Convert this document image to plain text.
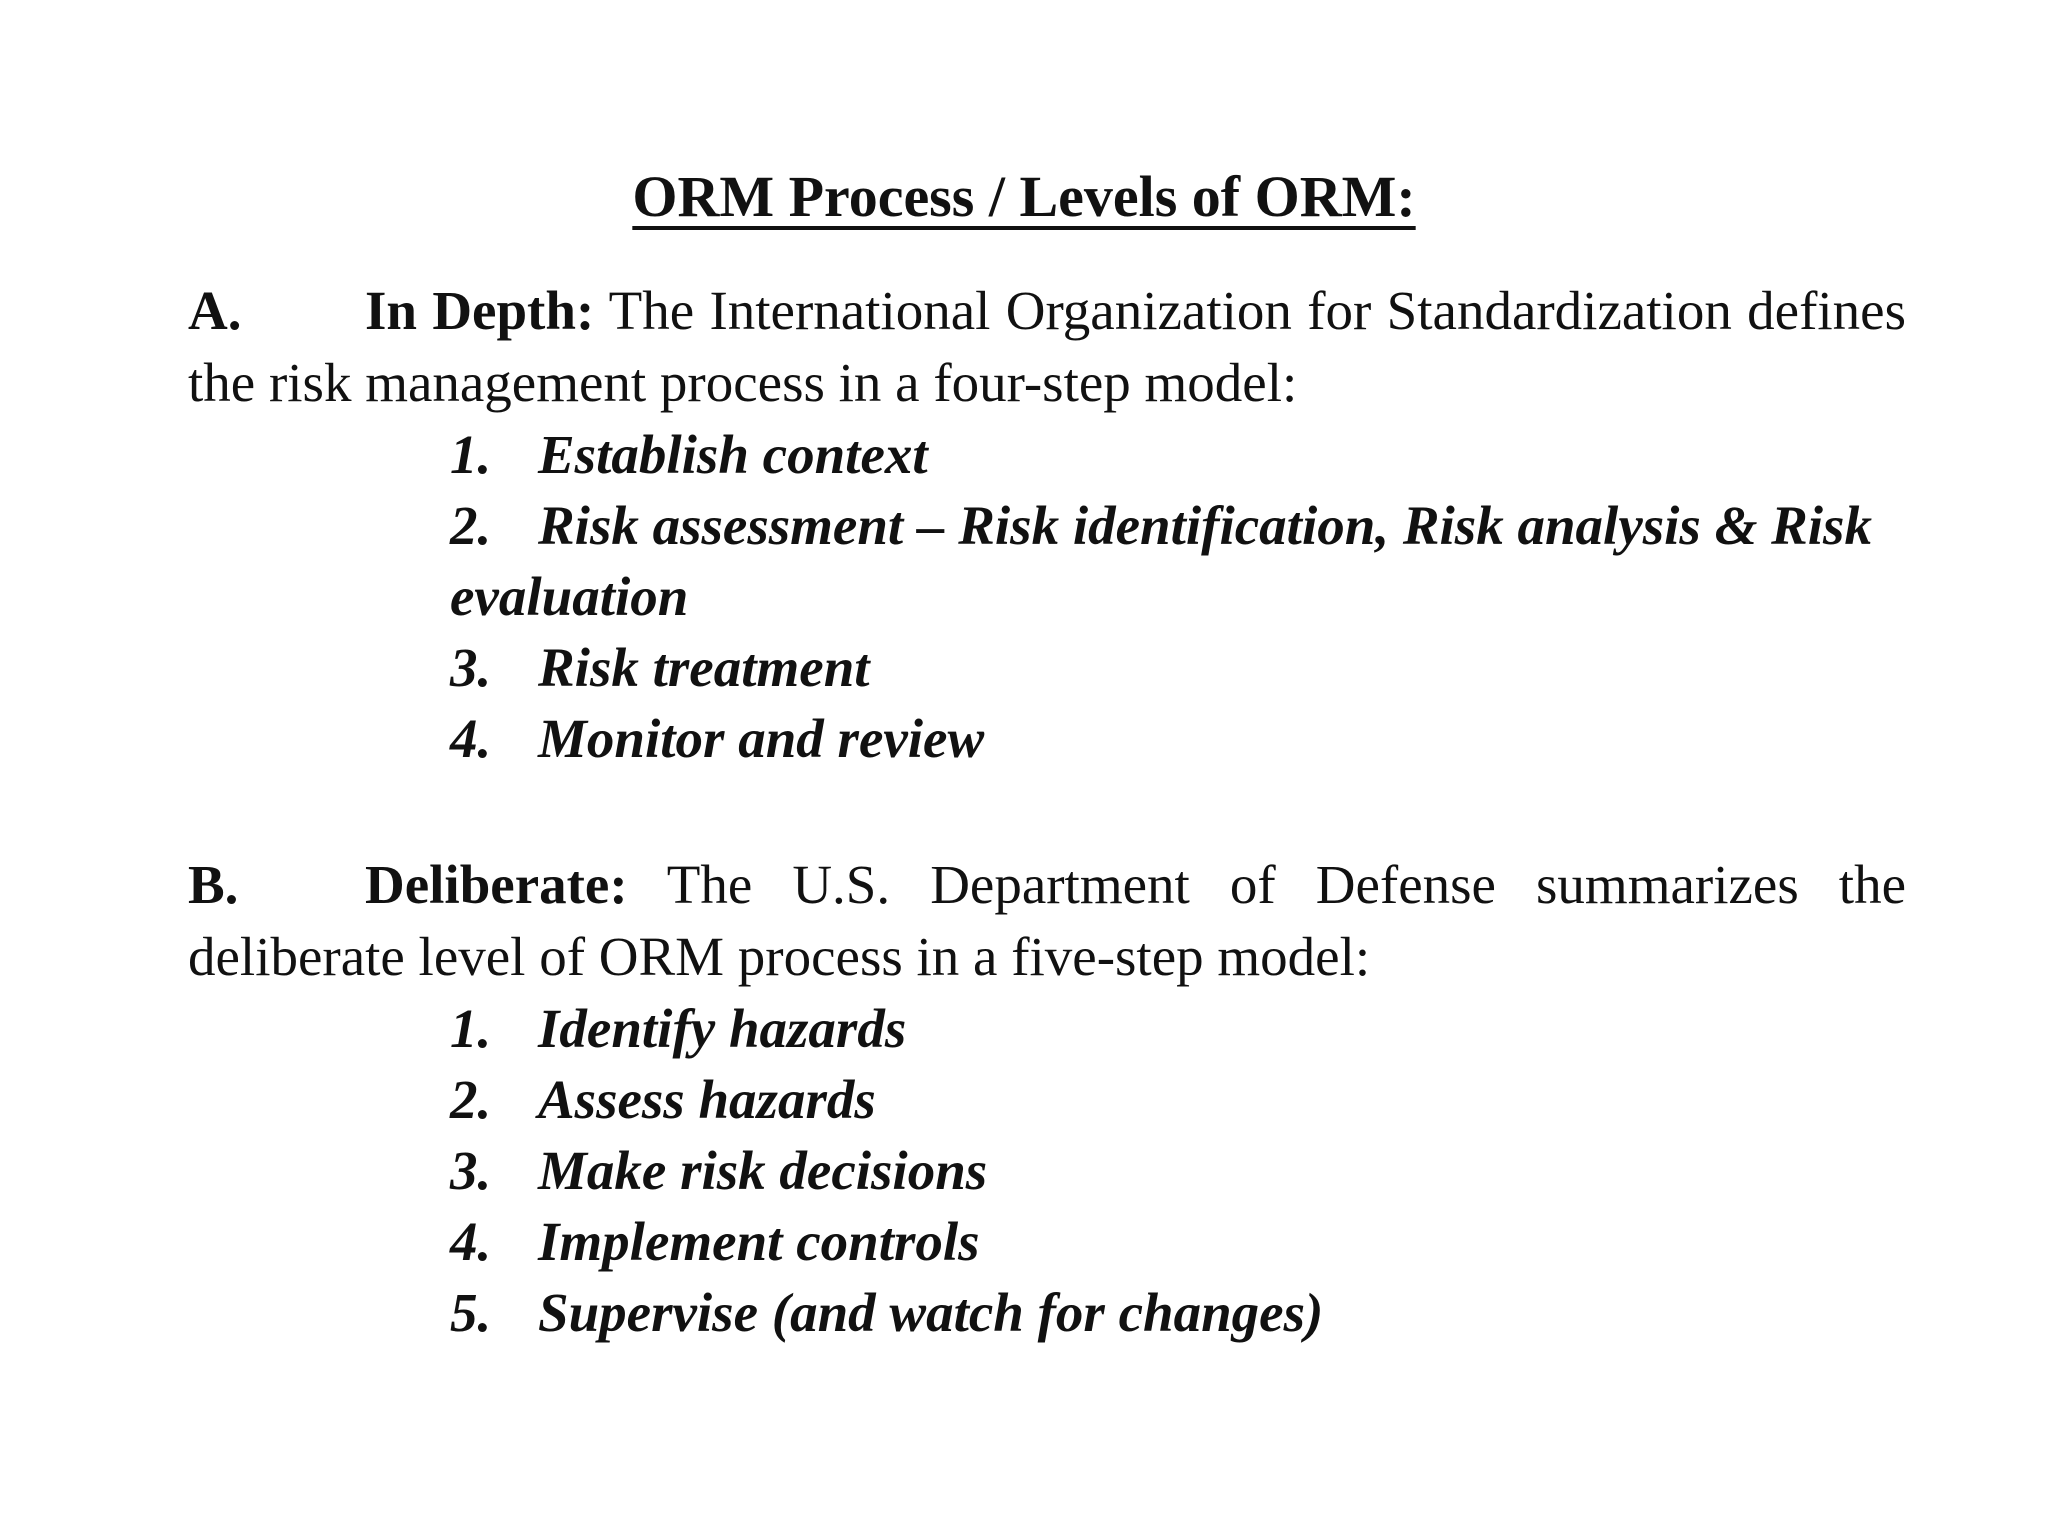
ORM Process / Levels of ORM:

A. In Depth: The International Organization for Standardization defines the risk management process in a four-step model:

1. Establish context
2. Risk assessment – Risk identification, Risk analysis & Risk evaluation
3. Risk treatment
4. Monitor and review

B. Deliberate: The U.S. Department of Defense summarizes the deliberate level of ORM process in a five-step model:

1. Identify hazards
2. Assess hazards
3. Make risk decisions
4. Implement controls
5. Supervise (and watch for changes)
